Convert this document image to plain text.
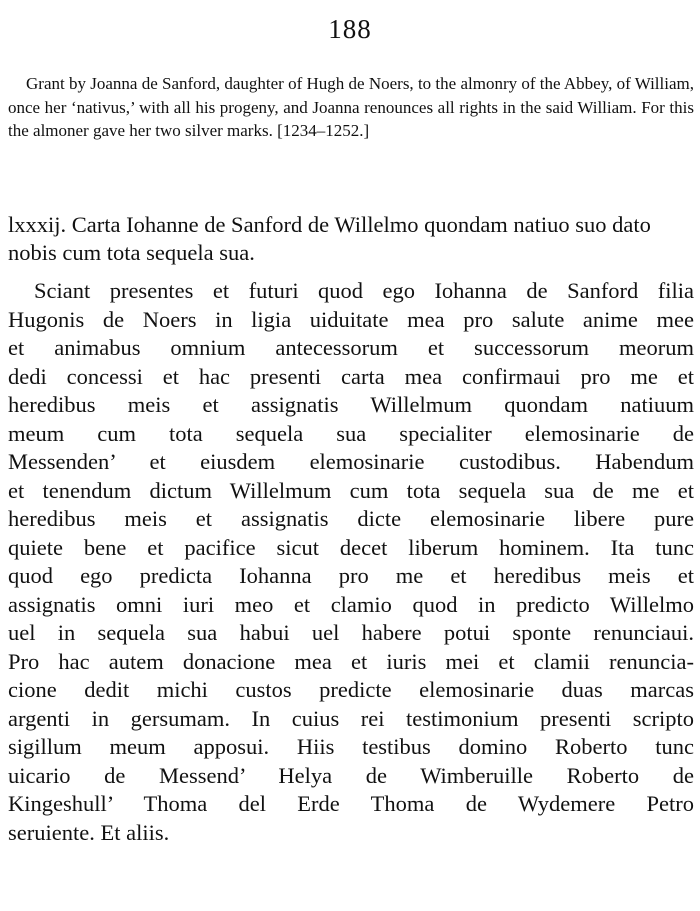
188

Grant by Joanna de Sanford, daughter of Hugh de Noers, to the almonry of the Abbey, of William, once her ‘nativus,’ with all his progeny, and Joanna renounces all rights in the said William. For this the almoner gave her two silver marks. [1234–1252.]

lxxxij. Carta Iohanne de Sanford de Willelmo quondam natiuo suo dato nobis cum tota sequela sua.

Sciant presentes et futuri quod ego Iohanna de Sanford filia
Hugonis de Noers in ligia uiduitate mea pro salute anime mee
et animabus omnium antecessorum et successorum meorum
dedi concessi et hac presenti carta mea confirmaui pro me et
heredibus meis et assignatis Willelmum quondam natiuum
meum cum tota sequela sua specialiter elemosinarie de
Messenden’ et eiusdem elemosinarie custodibus. Habendum
et tenendum dictum Willelmum cum tota sequela sua de me et
heredibus meis et assignatis dicte elemosinarie libere pure
quiete bene et pacifice sicut decet liberum hominem. Ita tunc
quod ego predicta Iohanna pro me et heredibus meis et
assignatis omni iuri meo et clamio quod in predicto Willelmo
uel in sequela sua habui uel habere potui sponte renunciaui.
Pro hac autem donacione mea et iuris mei et clamii renuncia-
cione dedit michi custos predicte elemosinarie duas marcas
argenti in gersumam. In cuius rei testimonium presenti scripto
sigillum meum apposui. Hiis testibus domino Roberto tunc
uicario de Messend’ Helya de Wimberuille Roberto de
Kingeshull’ Thoma del Erde Thoma de Wydemere Petro
seruiente. Et aliis.
